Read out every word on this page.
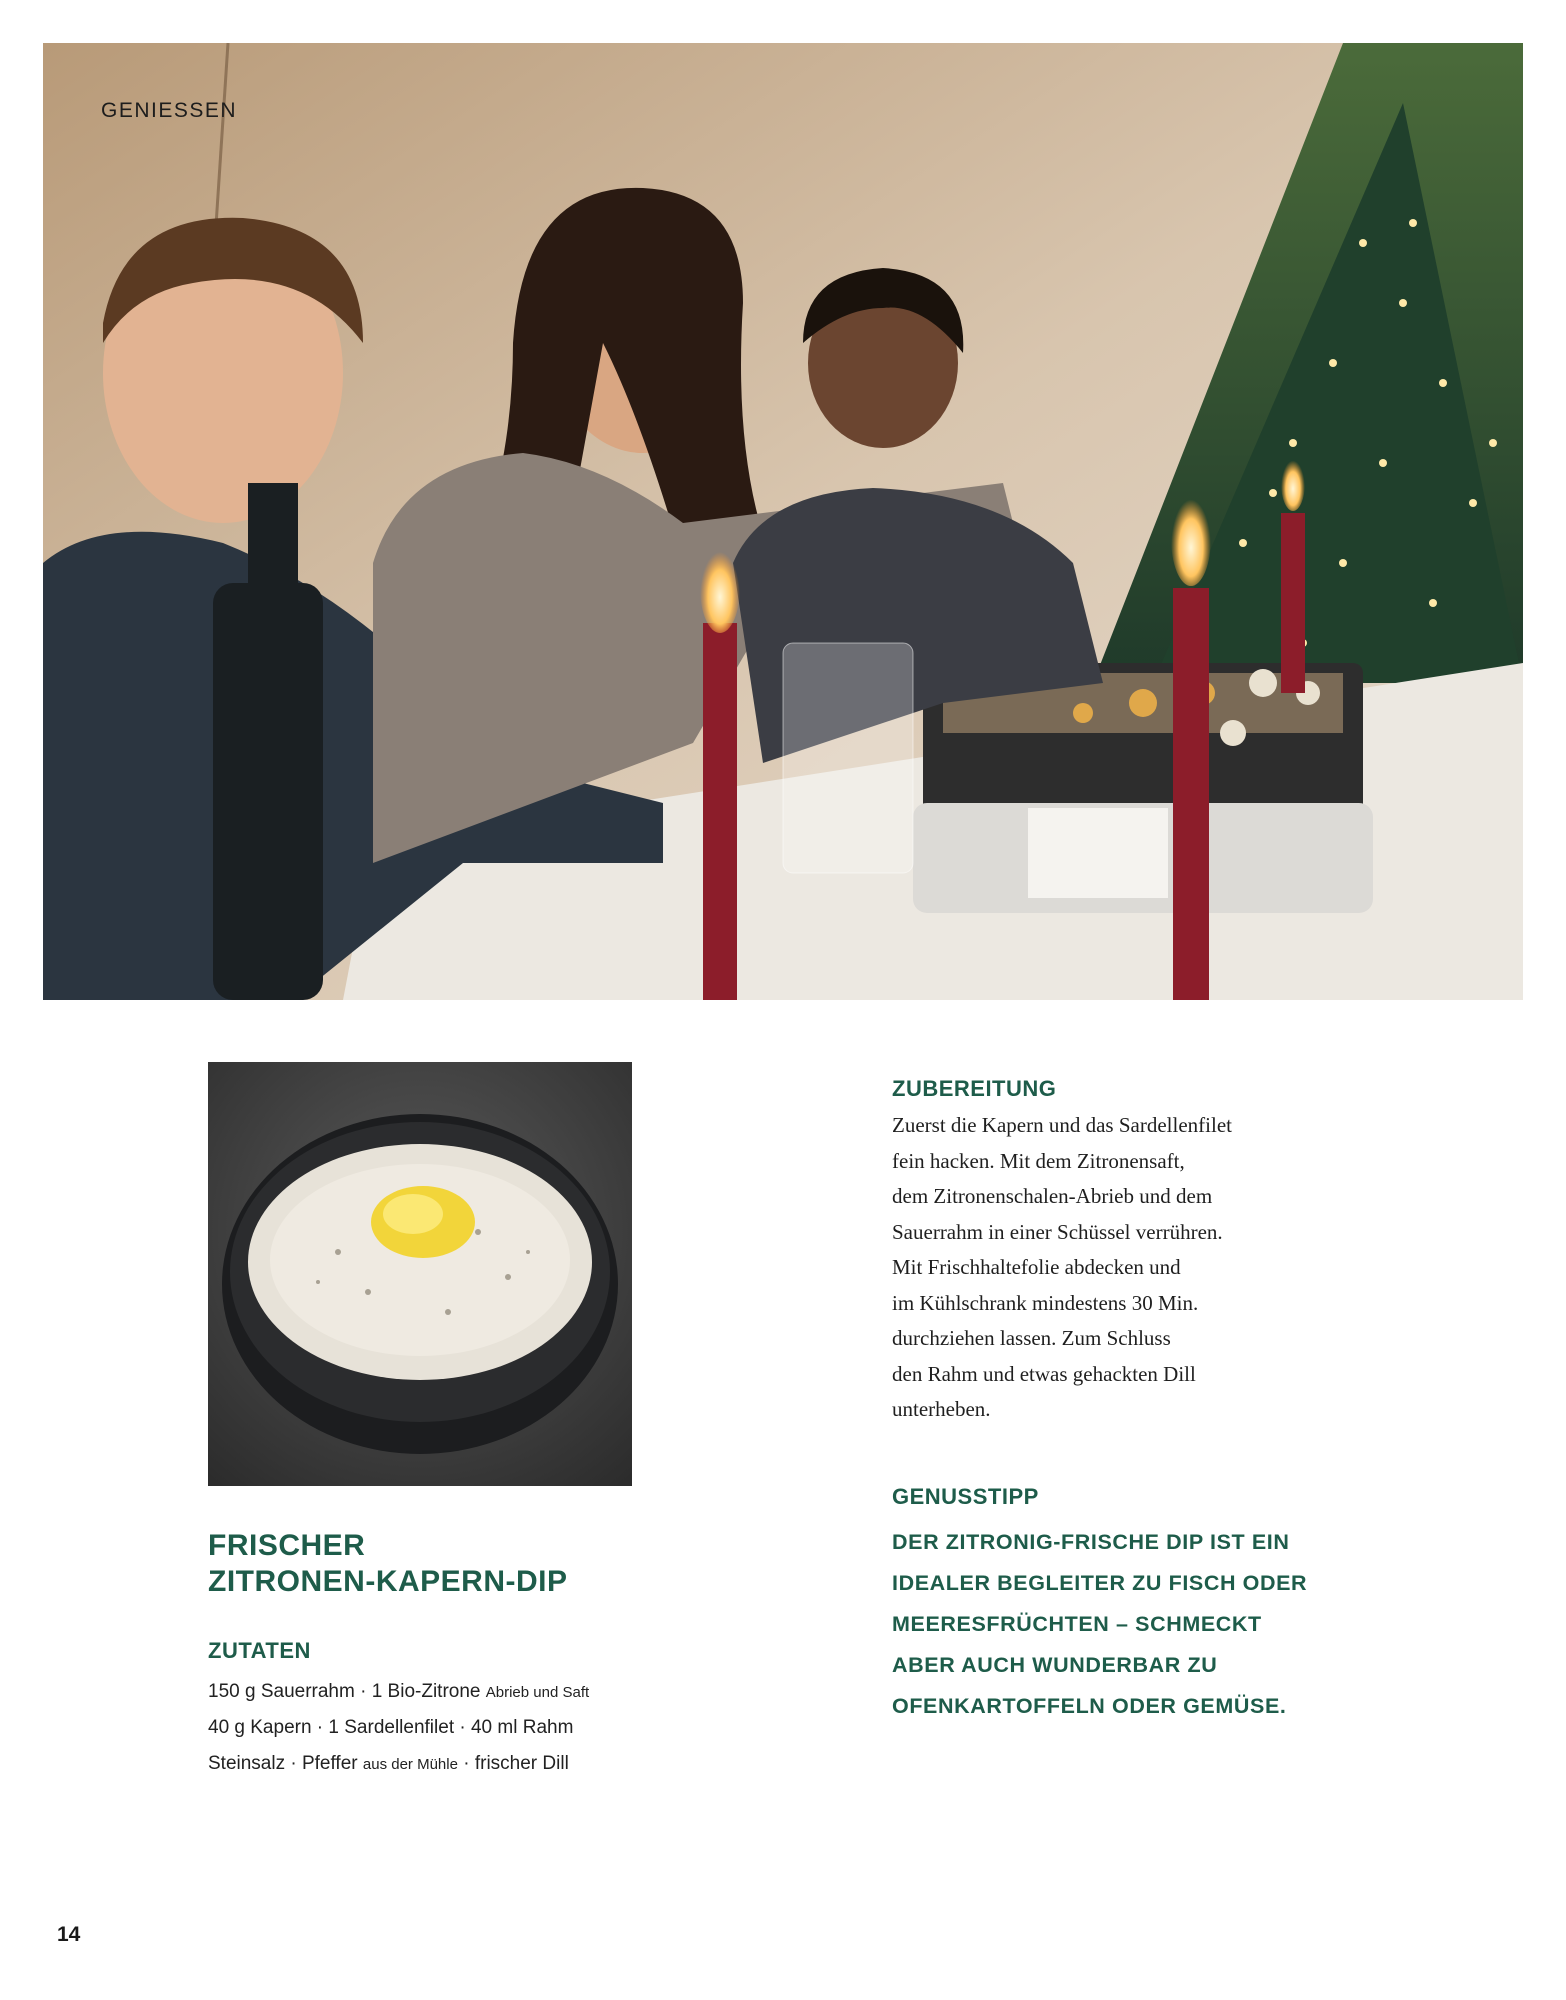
GENIESSEN
FRISCHER
ZITRONEN-KAPERN-DIP
ZUTATEN
150 g Sauerrahm · 1 Bio-Zitrone Abrieb und Saft
40 g Kapern · 1 Sardellenfilet · 40 ml Rahm
Steinsalz · Pfeffer aus der Mühle · frischer Dill
ZUBEREITUNG
Zuerst die Kapern und das Sardellenfilet
fein hacken. Mit dem Zitronensaft,
dem Zitronenschalen-Abrieb und dem
Sauerrahm in einer Schüssel verrühren.
Mit Frischhaltefolie abdecken und
im Kühlschrank mindestens 30 Min.
durchziehen lassen. Zum Schluss
den Rahm und etwas gehackten Dill
unterheben.
GENUSSTIPP
DER ZITRONIG-FRISCHE DIP IST EIN
IDEALER BEGLEITER ZU FISCH ODER
MEERESFRÜCHTEN – SCHMECKT
ABER AUCH WUNDERBAR ZU
OFENKARTOFFELN ODER GEMÜSE.
14
